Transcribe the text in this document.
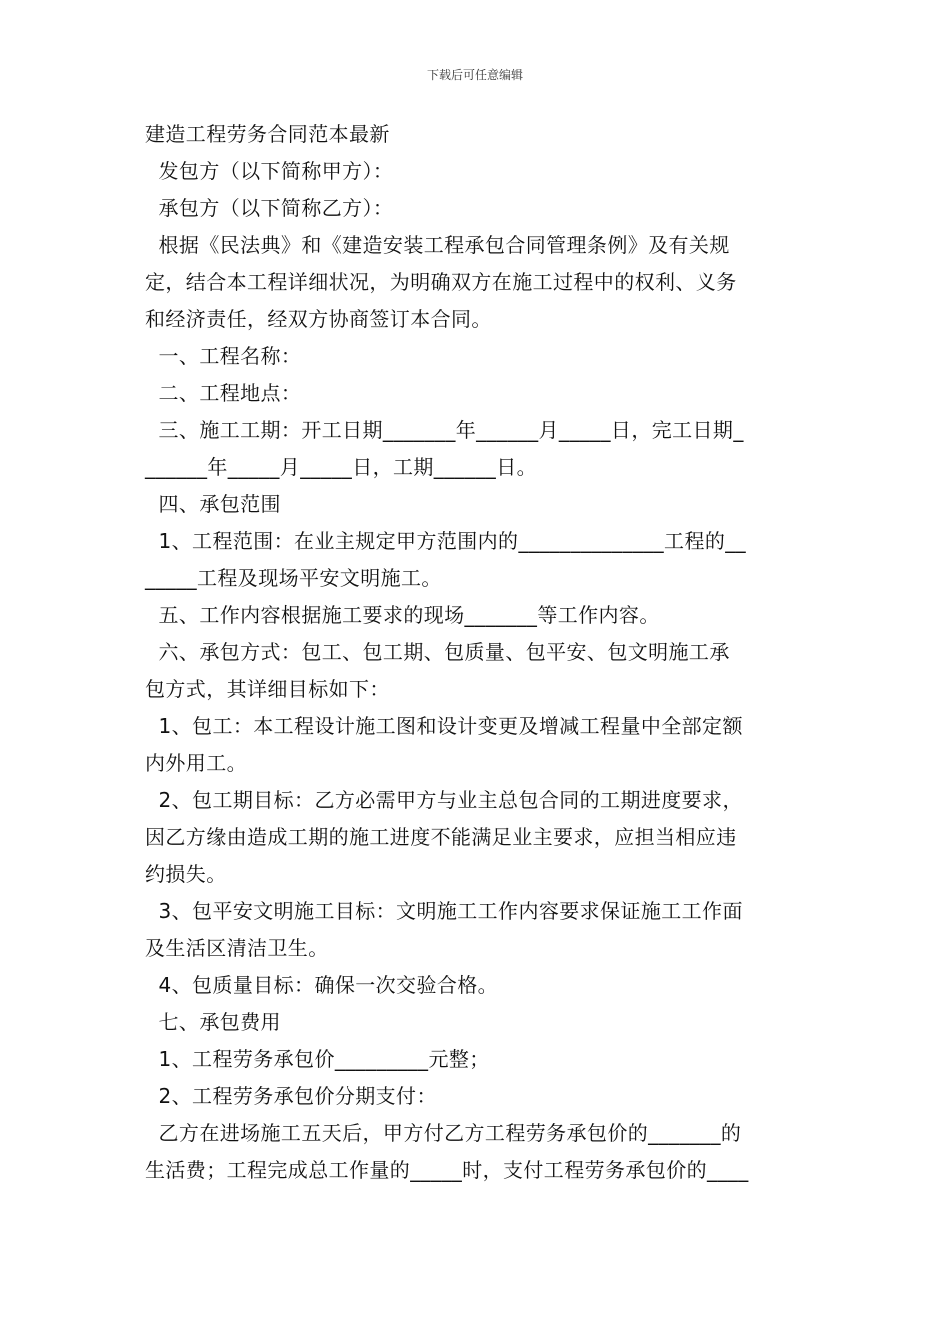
下载后可任意编辑
建造工程劳务合同范本最新
发包方（以下简称甲方）：
承包方（以下简称乙方）：
根据《民法典》和《建造安装工程承包合同管理条例》及有关规
定，结合本工程详细状况，为明确双方在施工过程中的权利、义务
和经济责任，经双方协商签订本合同。
一、工程名称：
二、工程地点：
三、施工工期：开工日期_______年______月_____日，完工日期_
______年_____月_____日，工期______日。
四、承包范围
1、工程范围：在业主规定甲方范围内的______________工程的__
_____工程及现场平安文明施工。
五、工作内容根据施工要求的现场_______等工作内容。
六、承包方式：包工、包工期、包质量、包平安、包文明施工承
包方式，其详细目标如下：
1、包工：本工程设计施工图和设计变更及增减工程量中全部定额
内外用工。
2、包工期目标：乙方必需甲方与业主总包合同的工期进度要求，
因乙方缘由造成工期的施工进度不能满足业主要求，应担当相应违
约损失。
3、包平安文明施工目标：文明施工工作内容要求保证施工工作面
及生活区清洁卫生。
4、包质量目标：确保一次交验合格。
七、承包费用
1、工程劳务承包价_________元整；
2、工程劳务承包价分期支付：
乙方在进场施工五天后，甲方付乙方工程劳务承包价的_______的
生活费；工程完成总工作量的_____时，支付工程劳务承包价的____
